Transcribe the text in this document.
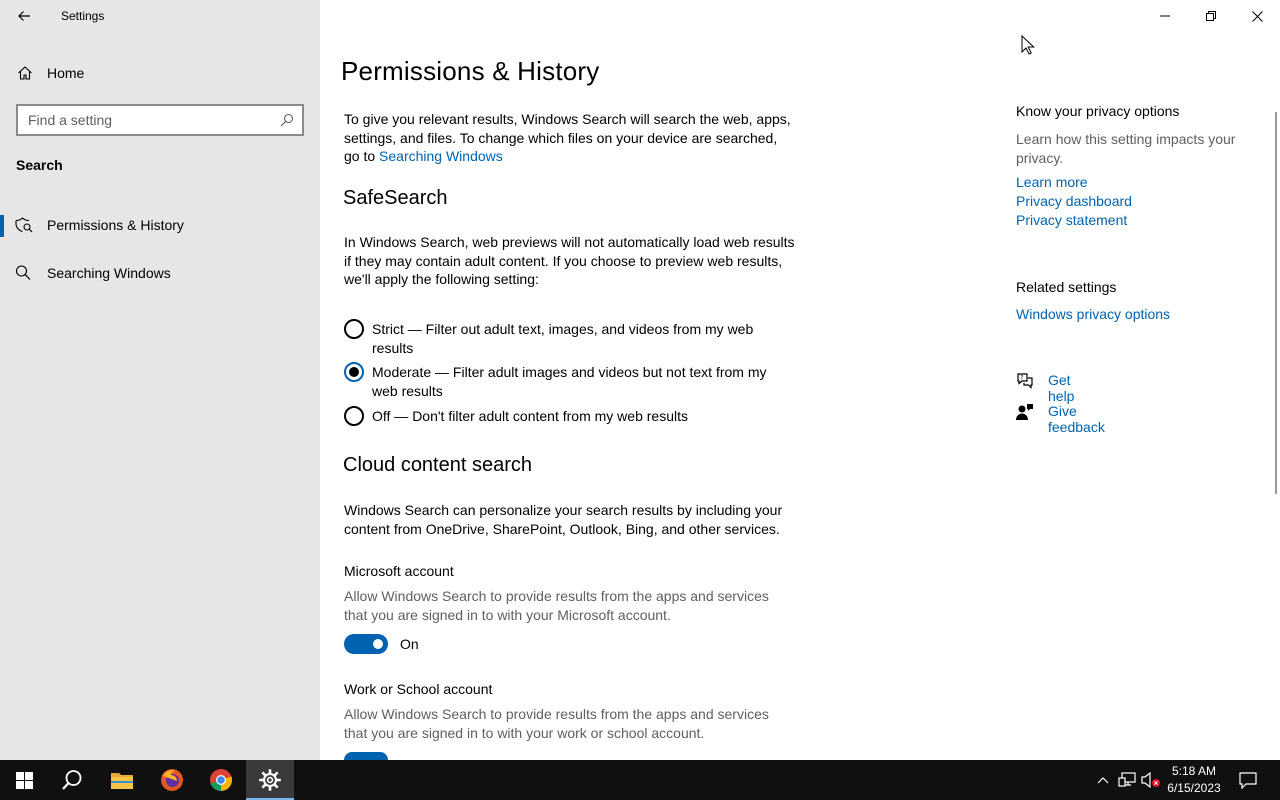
Settings
Home
Find a setting
Search
Permissions & History
Searching Windows
Permissions & History

To give you relevant results, Windows Search will search the web, apps, settings, and files. To change which files on your device are searched, go to Searching Windows

SafeSearch

In Windows Search, web previews will not automatically load web results if they may contain adult content. If you choose to preview web results, we'll apply the following setting:

Strict — Filter out adult text, images, and videos from my web results
Moderate — Filter adult images and videos but not text from my web results
Off — Don't filter adult content from my web results
Cloud content search

Windows Search can personalize your search results by including your content from OneDrive, SharePoint, Outlook, Bing, and other services.

Microsoft account

Allow Windows Search to provide results from the apps and services that you are signed in to with your Microsoft account.

On
Work or School account

Allow Windows Search to provide results from the apps and services that you are signed in to with your work or school account.

Know your privacy options
Learn how this setting impacts your privacy.
Learn more
Privacy dashboard
Privacy statement
Related settings
Windows privacy options
? Get help
Give feedback
5:18 AM
6/15/2023
